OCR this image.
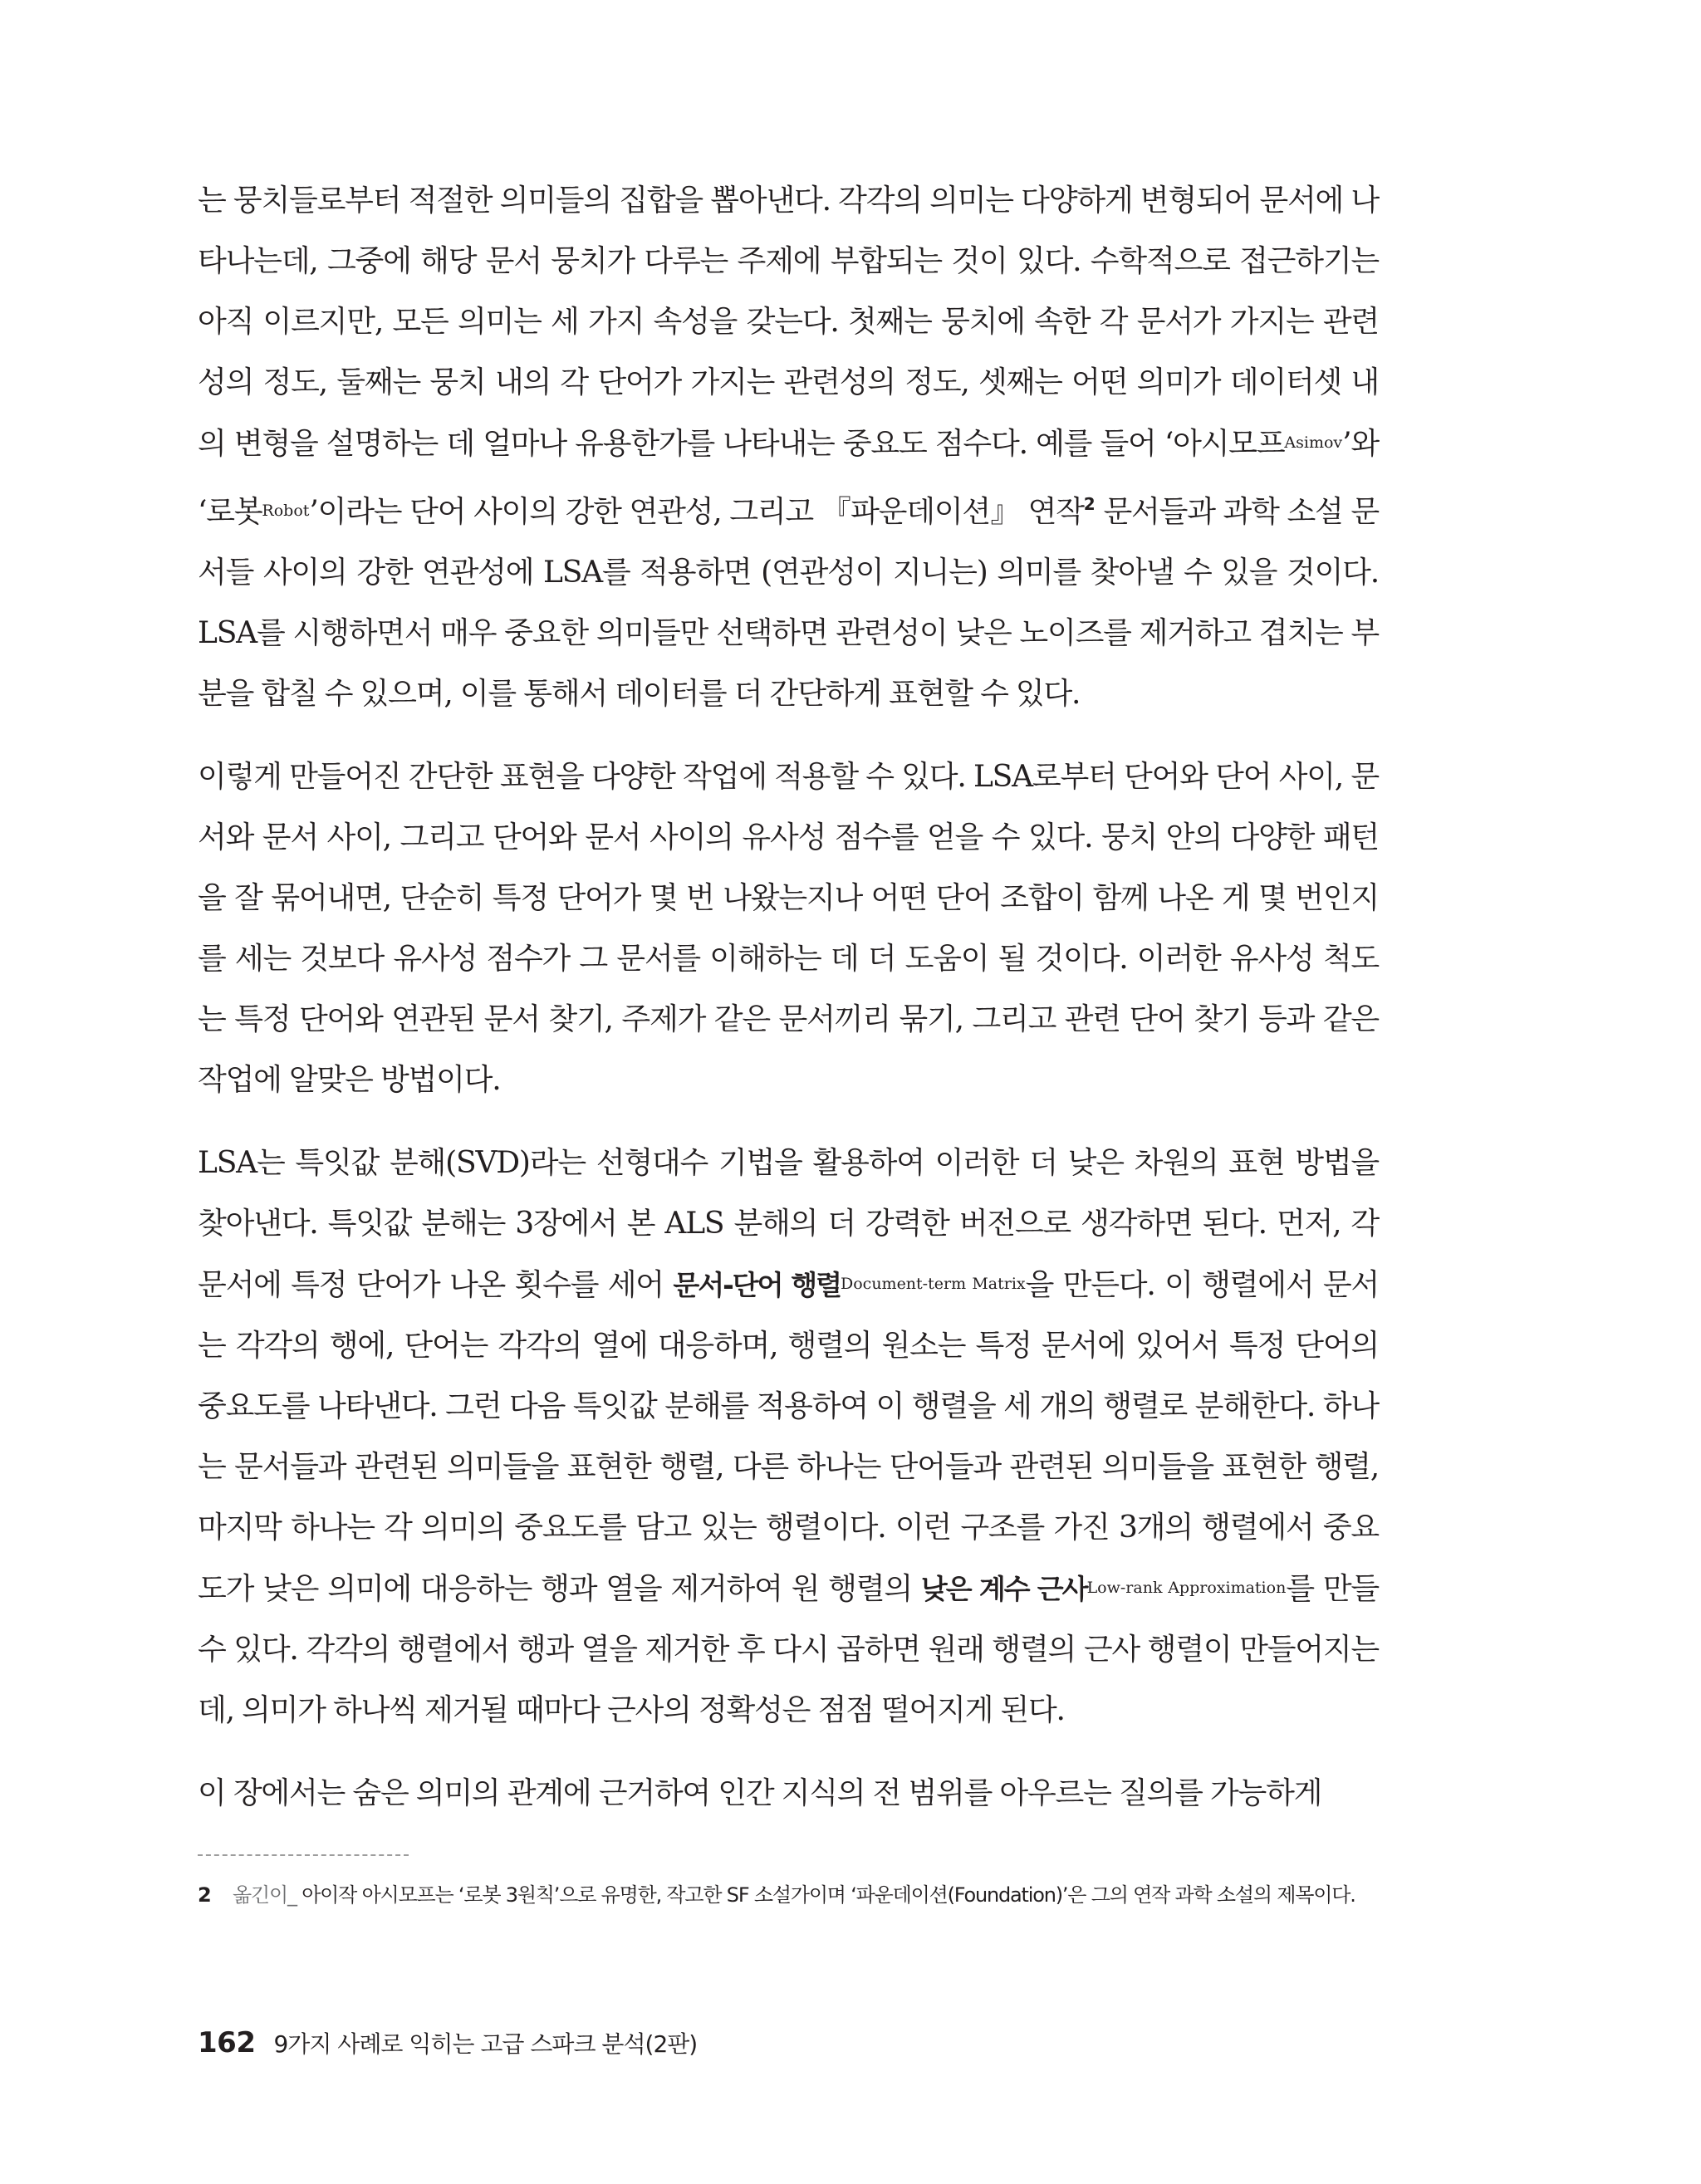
는 뭉치들로부터 적절한 의미들의 집합을 뽑아낸다. 각각의 의미는 다양하게 변형되어 문서에 나타나는데, 그중에 해당 문서 뭉치가 다루는 주제에 부합되는 것이 있다. 수학적으로 접근하기는 아직 이르지만, 모든 의미는 세 가지 속성을 갖는다. 첫째는 뭉치에 속한 각 문서가 가지는 관련성의 정도, 둘째는 뭉치 내의 각 단어가 가지는 관련성의 정도, 셋째는 어떤 의미가 데이터셋 내의 변형을 설명하는 데 얼마나 유용한가를 나타내는 중요도 점수다. 예를 들어 ‘아시모프Asimov’와 ‘로봇Robot’이라는 단어 사이의 강한 연관성, 그리고 『파운데이션』 연작$^2$ 문서들과 과학 소설 문서들 사이의 강한 연관성에 LSA를 적용하면 (연관성이 지니는) 의미를 찾아낼 수 있을 것이다. LSA를 시행하면서 매우 중요한 의미들만 선택하면 관련성이 낮은 노이즈를 제거하고 겹치는 부분을 합칠 수 있으며, 이를 통해서 데이터를 더 간단하게 표현할 수 있다.

이렇게 만들어진 간단한 표현을 다양한 작업에 적용할 수 있다. LSA로부터 단어와 단어 사이, 문서와 문서 사이, 그리고 단어와 문서 사이의 유사성 점수를 얻을 수 있다. 뭉치 안의 다양한 패턴을 잘 묶어내면, 단순히 특정 단어가 몇 번 나왔는지나 어떤 단어 조합이 함께 나온 게 몇 번인지를 세는 것보다 유사성 점수가 그 문서를 이해하는 데 더 도움이 될 것이다. 이러한 유사성 척도는 특정 단어와 연관된 문서 찾기, 주제가 같은 문서끼리 묶기, 그리고 관련 단어 찾기 등과 같은 작업에 알맞은 방법이다.

LSA는 특잇값 분해(SVD)라는 선형대수 기법을 활용하여 이러한 더 낮은 차원의 표현 방법을 찾아낸다. 특잇값 분해는 3장에서 본 ALS 분해의 더 강력한 버전으로 생각하면 된다. 먼저, 각 문서에 특정 단어가 나온 횟수를 세어 문서-단어 행렬Document-term Matrix을 만든다. 이 행렬에서 문서는 각각의 행에, 단어는 각각의 열에 대응하며, 행렬의 원소는 특정 문서에 있어서 특정 단어의 중요도를 나타낸다. 그런 다음 특잇값 분해를 적용하여 이 행렬을 세 개의 행렬로 분해한다. 하나는 문서들과 관련된 의미들을 표현한 행렬, 다른 하나는 단어들과 관련된 의미들을 표현한 행렬, 마지막 하나는 각 의미의 중요도를 담고 있는 행렬이다. 이런 구조를 가진 3개의 행렬에서 중요도가 낮은 의미에 대응하는 행과 열을 제거하여 원 행렬의 낮은 계수 근사Low-rank Approximation를 만들 수 있다. 각각의 행렬에서 행과 열을 제거한 후 다시 곱하면 원래 행렬의 근사 행렬이 만들어지는데, 의미가 하나씩 제거될 때마다 근사의 정확성은 점점 떨어지게 된다.

이 장에서는 숨은 의미의 관계에 근거하여 인간 지식의 전 범위를 아우르는 질의를 가능하게

2 옮긴이_ 아이작 아시모프는 ‘로봇 3원칙’으로 유명한, 작고한 SF 소설가이며 ‘파운데이션(Foundation)’은 그의 연작 과학 소설의 제목이다.
162 9가지 사례로 익히는 고급 스파크 분석(2판)
